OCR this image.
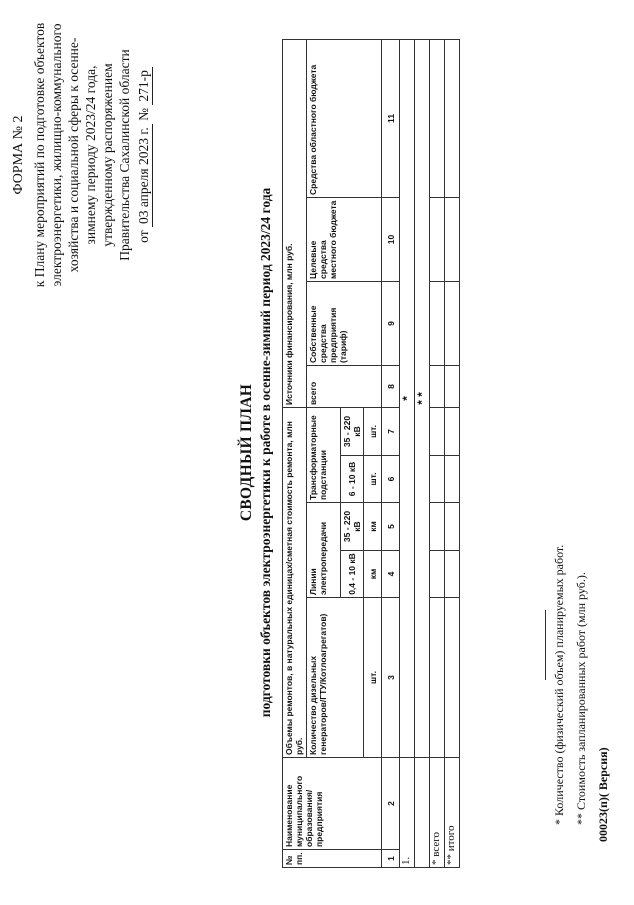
ФОРМА № 2 к Плану мероприятий по подготовке объектов электроэнергетики, жилищно-коммунального хозяйства и социальной сферы к осенне- зимнему периоду 2023/24 года, утвержденному распоряжением Правительства Сахалинской области от 03 апреля 2023 г. № 271-р
СВОДНЫЙ ПЛАН подготовки объектов электроэнергетики к работе в осенне-зимний период 2023/24 года
№ пп.	Наименование муниципального образования/предприятия	Объемы ремонтов, в натуральных единицах/сметная стоимость ремонта, млн руб.					Источники финансирования, млн руб.			
		Количество дизельных генераторов/ГТУ/Котлоагрегатов)	Линии электропередачи		Трансформаторные подстанции		всего	Собственные средства предприятия (тариф)	Целевые средства местного бюджета	Средства областного бюджета
			0,4 - 10 кВ	35 - 220 кВ	6 - 10 кВ	35 - 220 кВ				
		шт.	км	км	шт.	шт.				
1	2	3	4	5	6	7	8	9	10	11
1.		*								
		* *								
* всего										
** итого										
* Количество (физический объем) планируемых работ. ** Стоимость запланированных работ (млн руб.). 00023(п)( Версия)
